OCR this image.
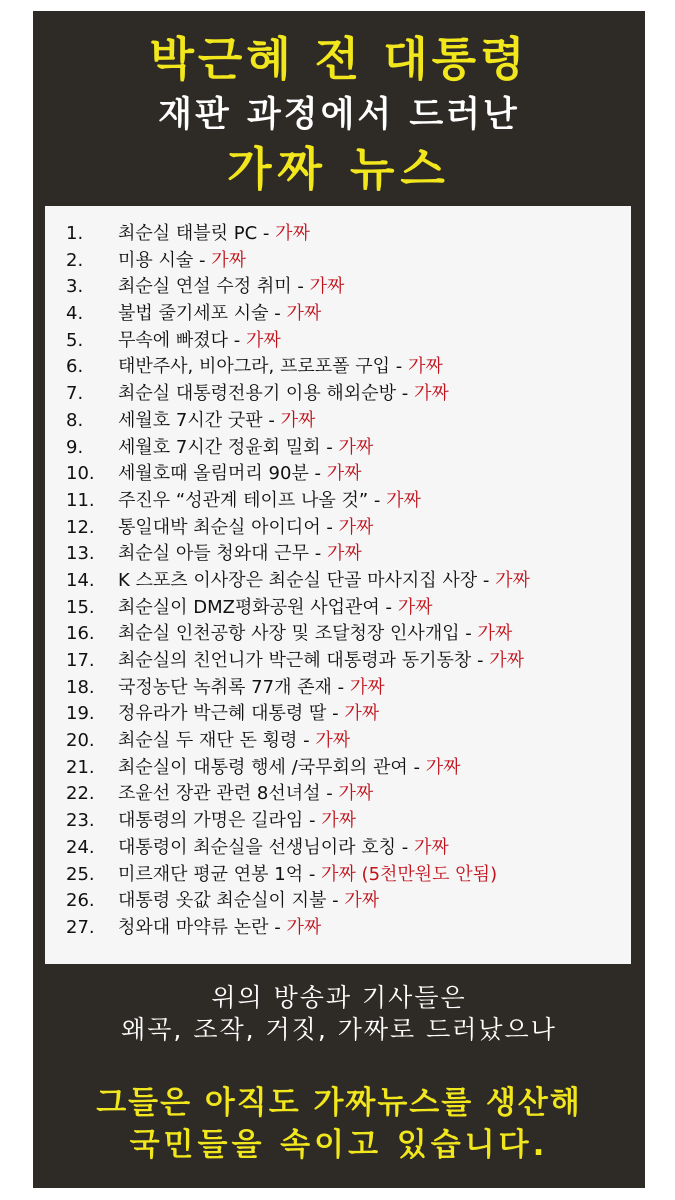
박근혜 전 대통령
재판 과정에서 드러난
가짜 뉴스
1. 최순실 태블릿 PC - 가짜
2. 미용 시술 - 가짜
3. 최순실 연설 수정 취미 - 가짜
4. 불법 줄기세포 시술 - 가짜
5. 무속에 빠졌다 - 가짜
6. 태반주사, 비아그라, 프로포폴 구입 - 가짜
7. 최순실 대통령전용기 이용 해외순방 - 가짜
8. 세월호 7시간 굿판 - 가짜
9. 세월호 7시간 정윤회 밀회 - 가짜
10. 세월호때 올림머리 90분 - 가짜
11. 주진우 “성관계 테이프 나올 것” - 가짜
12. 통일대박 최순실 아이디어 - 가짜
13. 최순실 아들 청와대 근무 - 가짜
14. K 스포츠 이사장은 최순실 단골 마사지집 사장 - 가짜
15. 최순실이 DMZ평화공원 사업관여 - 가짜
16. 최순실 인천공항 사장 및 조달청장 인사개입 - 가짜
17. 최순실의 친언니가 박근혜 대통령과 동기동창 - 가짜
18. 국정농단 녹취록 77개 존재 - 가짜
19. 정유라가 박근혜 대통령 딸 - 가짜
20. 최순실 두 재단 돈 횡령 - 가짜
21. 최순실이 대통령 행세 /국무회의 관여 - 가짜
22. 조윤선 장관 관련 8선녀설 - 가짜
23. 대통령의 가명은 길라임 - 가짜
24. 대통령이 최순실을 선생님이라 호칭 - 가짜
25. 미르재단 평균 연봉 1억 - 가짜 (5천만원도 안됨)
26. 대통령 옷값 최순실이 지불 - 가짜
27. 청와대 마약류 논란 - 가짜
위의 방송과 기사들은
왜곡, 조작, 거짓, 가짜로 드러났으나
그들은 아직도 가짜뉴스를 생산해
국민들을 속이고 있습니다.
